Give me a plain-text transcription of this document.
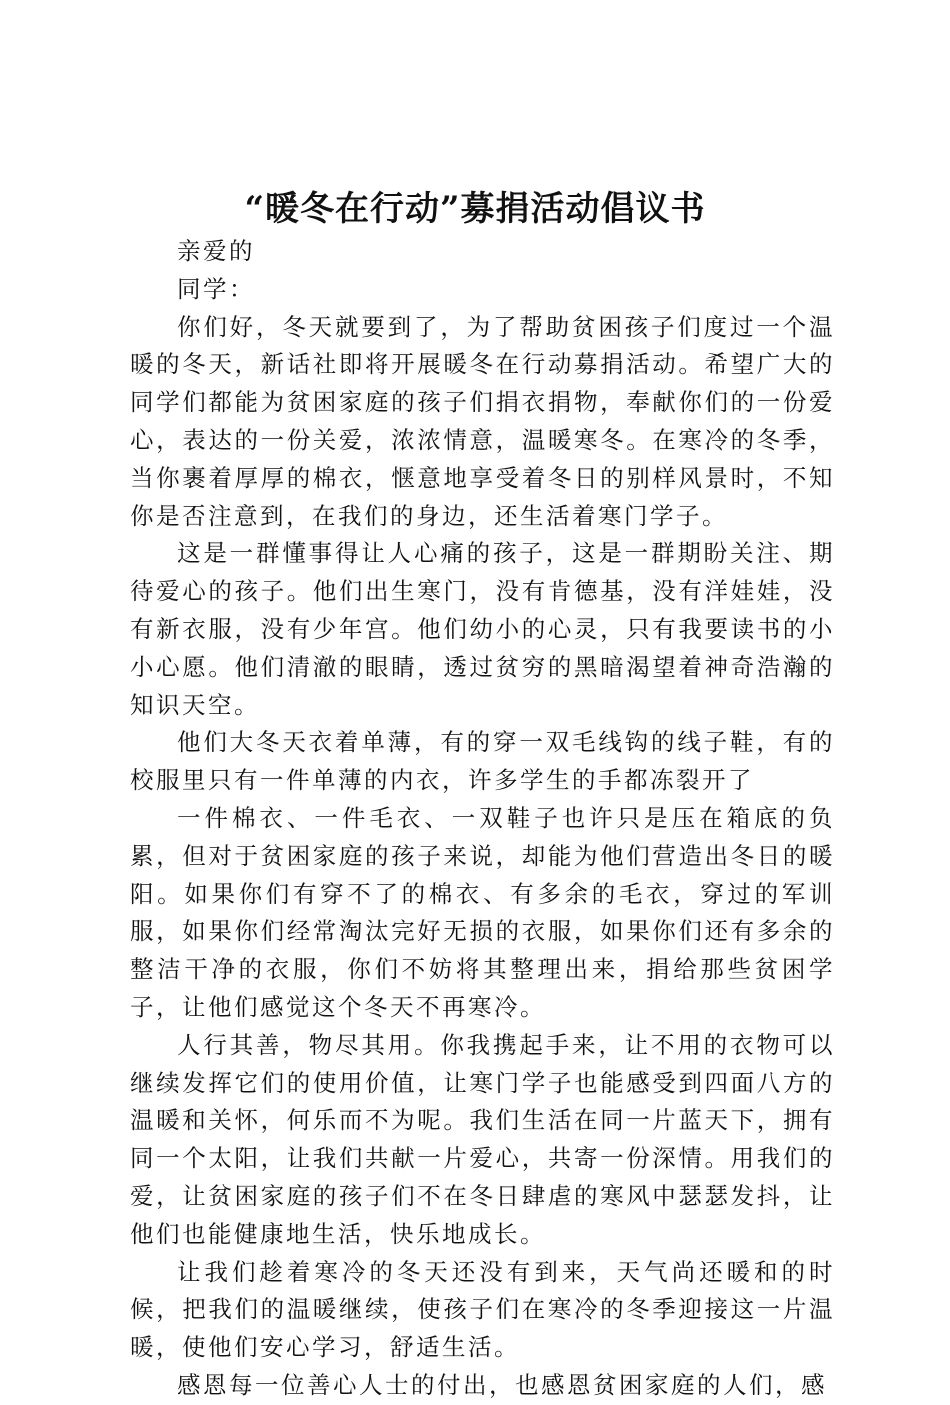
“暖冬在行动”募捐活动倡议书

亲爱的

同学：

你们好，冬天就要到了，为了帮助贫困孩子们度过一个温暖的冬天，新话社即将开展暖冬在行动募捐活动。希望广大的同学们都能为贫困家庭的孩子们捐衣捐物，奉献你们的一份爱心，表达的一份关爱，浓浓情意，温暖寒冬。在寒冷的冬季，当你裹着厚厚的棉衣，惬意地享受着冬日的别样风景时，不知你是否注意到，在我们的身边，还生活着寒门学子。

这是一群懂事得让人心痛的孩子，这是一群期盼关注、期待爱心的孩子。他们出生寒门，没有肯德基，没有洋娃娃，没有新衣服，没有少年宫。他们幼小的心灵，只有我要读书的小小心愿。他们清澈的眼睛，透过贫穷的黑暗渴望着神奇浩瀚的知识天空。

他们大冬天衣着单薄，有的穿一双毛线钩的线子鞋，有的校服里只有一件单薄的内衣，许多学生的手都冻裂开了

一件棉衣、一件毛衣、一双鞋子也许只是压在箱底的负累，但对于贫困家庭的孩子来说，却能为他们营造出冬日的暖阳。如果你们有穿不了的棉衣、有多余的毛衣，穿过的军训服，如果你们经常淘汰完好无损的衣服，如果你们还有多余的整洁干净的衣服，你们不妨将其整理出来，捐给那些贫困学子，让他们感觉这个冬天不再寒冷。

人行其善，物尽其用。你我携起手来，让不用的衣物可以继续发挥它们的使用价值，让寒门学子也能感受到四面八方的温暖和关怀，何乐而不为呢。我们生活在同一片蓝天下，拥有同一个太阳，让我们共献一片爱心，共寄一份深情。用我们的爱，让贫困家庭的孩子们不在冬日肆虐的寒风中瑟瑟发抖，让他们也能健康地生活，快乐地成长。

让我们趁着寒冷的冬天还没有到来，天气尚还暖和的时候，把我们的温暖继续，使孩子们在寒冷的冬季迎接这一片温暖，使他们安心学习，舒适生活。

感恩每一位善心人士的付出，也感恩贫困家庭的人们，感
